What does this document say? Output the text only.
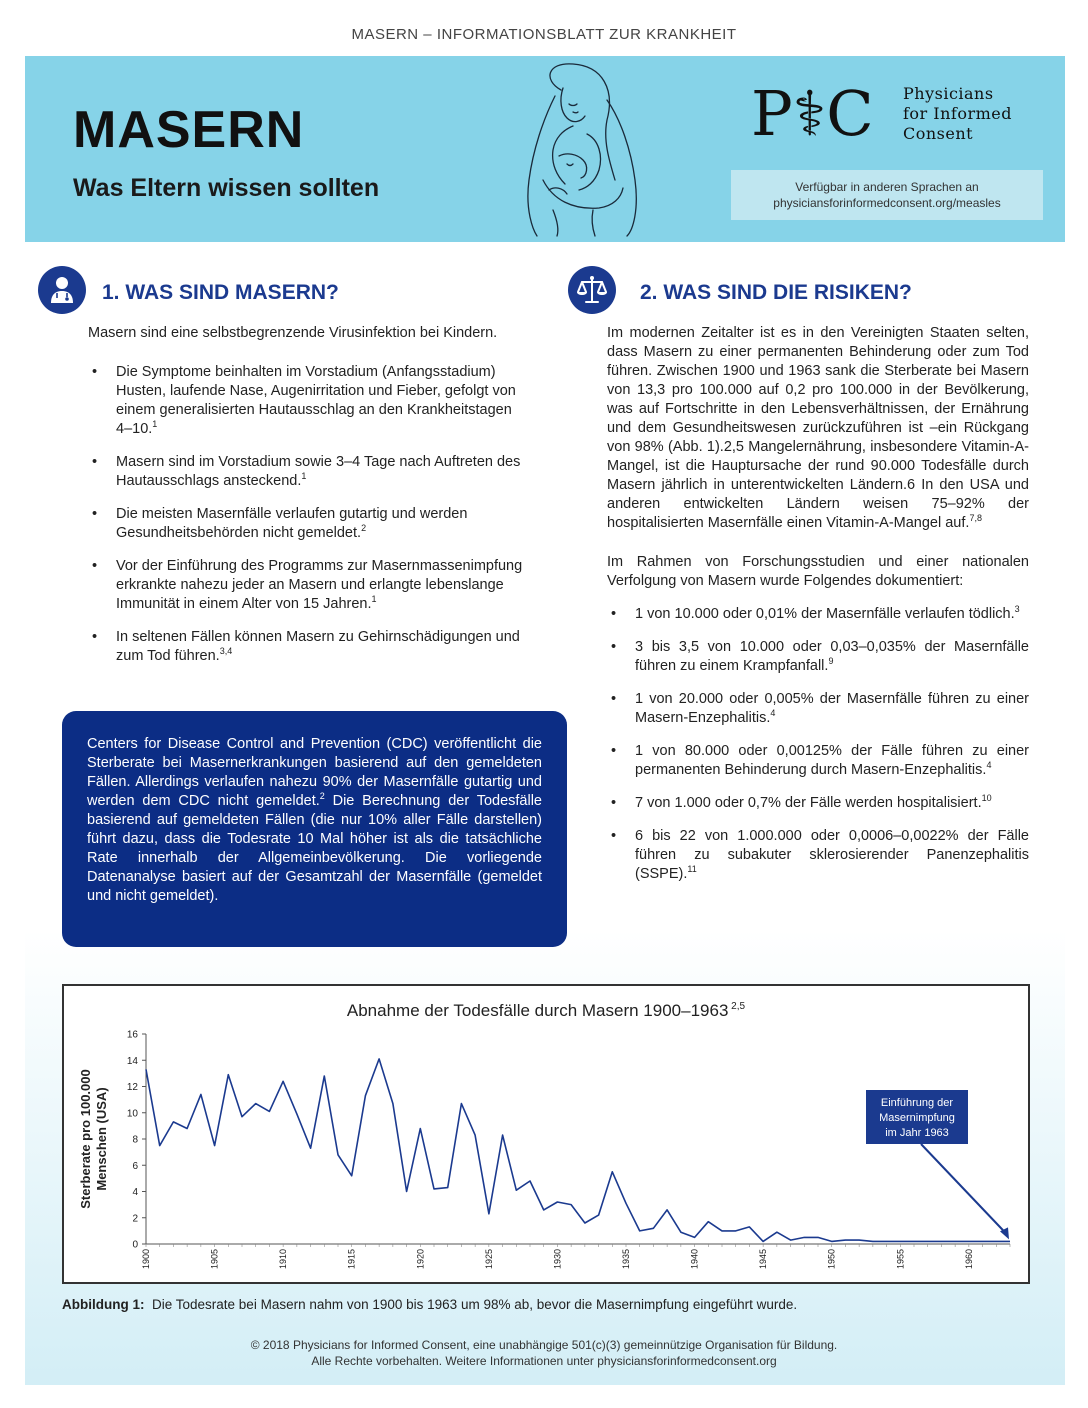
MASERN – INFORMATIONSBLATT ZUR KRANKHEIT
MASERN
Was Eltern wissen sollten
P⚕C Physicians
for Informed
Consent
Verfügbar in anderen Sprachen an
physiciansforinformedconsent.org/measles
1. WAS SIND MASERN?

Masern sind eine selbstbegrenzende Virusinfektion bei Kindern.

• Die Symptome beinhalten im Vorstadium (Anfangsstadium) Husten, laufende Nase, Augenirritation und Fieber, gefolgt von einem generalisierten Hautausschlag an den Krankheitstagen 4–10.$^1$
• Masern sind im Vorstadium sowie 3–4 Tage nach Auftreten des Hautausschlags ansteckend.$^1$
• Die meisten Masernfälle verlaufen gutartig und werden Gesundheitsbehörden nicht gemeldet.$^2$
• Vor der Einführung des Programms zur Masernmassenimpfung erkrankte nahezu jeder an Masern und erlangte lebenslange Immunität in einem Alter von 15 Jahren.$^1$
• In seltenen Fällen können Masern zu Gehirnschädigungen und zum Tod führen.$^{3,4}$
Centers for Disease Control and Prevention (CDC) veröffentlicht die Sterberate bei Masernerkrankungen basierend auf den gemeldeten Fällen. Allerdings verlaufen nahezu 90% der Masernfälle gutartig und werden dem CDC nicht gemeldet.$^2$ Die Berechnung der Todesfälle basierend auf gemeldeten Fällen (die nur 10% aller Fälle darstellen) führt dazu, dass die Todesrate 10 Mal höher ist als die tatsächliche Rate innerhalb der Allgemeinbevölkerung. Die vorliegende Datenanalyse basiert auf der Gesamtzahl der Masernfälle (gemeldet und nicht gemeldet).
2. WAS SIND DIE RISIKEN?

Im modernen Zeitalter ist es in den Vereinigten Staaten selten, dass Masern zu einer permanenten Behinderung oder zum Tod führen. Zwischen 1900 und 1963 sank die Sterberate bei Masern von 13,3 pro 100.000 auf 0,2 pro 100.000 in der Bevölkerung, was auf Fortschritte in den Lebensverhältnissen, der Ernährung und dem Gesundheitswesen zurückzuführen ist –ein Rückgang von 98% (Abb. 1).2,5 Mangelernährung, insbesondere Vitamin-A-Mangel, ist die Hauptursache der rund 90.000 Todesfälle durch Masern jährlich in unterentwickelten Ländern.6 In den USA und anderen entwickelten Ländern weisen 75–92% der hospitalisierten Masernfälle einen Vitamin-A-Mangel auf.$^{7,8}$

Im Rahmen von Forschungsstudien und einer nationalen Verfolgung von Masern wurde Folgendes dokumentiert:

• 1 von 10.000 oder 0,01% der Masernfälle verlaufen tödlich.$^3$
• 3 bis 3,5 von 10.000 oder 0,03–0,035% der Masernfälle führen zu einem Krampfanfall.$^9$
• 1 von 20.000 oder 0,005% der Masernfälle führen zu einer Masern-Enzephalitis.$^4$
• 1 von 80.000 oder 0,00125% der Fälle führen zu einer permanenten Behinderung durch Masern-Enzephalitis.$^4$
• 7 von 1.000 oder 0,7% der Fälle werden hospitalisiert.$^{10}$
• 6 bis 22 von 1.000.000 oder 0,0006–0,0022% der Fälle führen zu subakuter sklerosierender Panenzephalitis (SSPE).$^{11}$
Abnahme der Todesfälle durch Masern 1900–1963 $^{2,5}$
0
2
4
6
8
10
12
14
16
1900	1905	1910	1915	1920	1925	1930	1935	1940	1945	1950	1955	1960
Sterberate pro 100.000Menschen (USA)	Einführung der
Masernimpfung
im Jahr 1963
Abbildung 1: Die Todesrate bei Masern nahm von 1900 bis 1963 um 98% ab, bevor die Masernimpfung eingeführt wurde.
© 2018 Physicians for Informed Consent, eine unabhängige 501(c)(3) gemeinnützige Organisation für Bildung.
Alle Rechte vorbehalten. Weitere Informationen unter physiciansforinformedconsent.org
